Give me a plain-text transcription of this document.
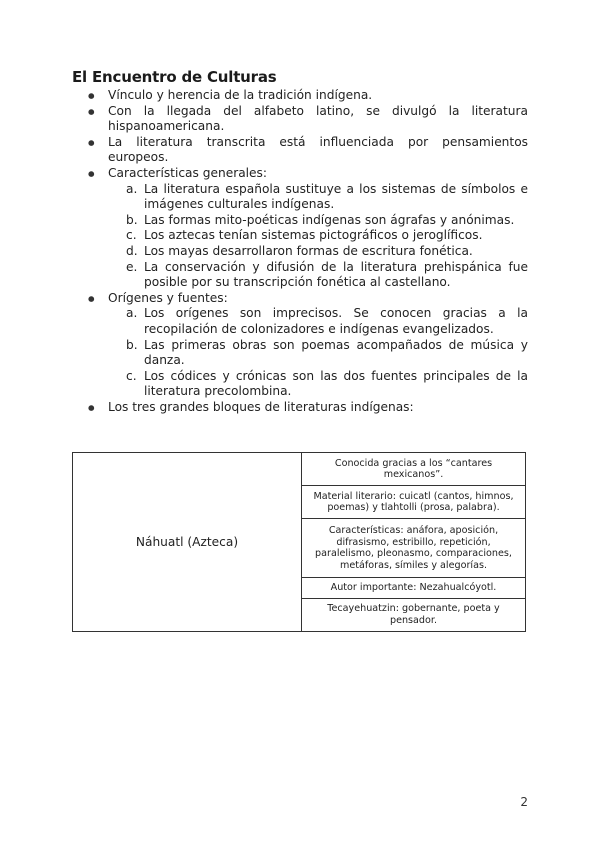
El Encuentro de Culturas
● Vínculo y herencia de la tradición indígena.
● Con la llegada del alfabeto latino, se divulgó la literatura hispanoamericana.
● La literatura transcrita está influenciada por pensamientos europeos.
● Características generales:
a. La literatura española sustituye a los sistemas de símbolos e imágenes culturales indígenas.
b. Las formas mito-poéticas indígenas son ágrafas y anónimas.
c. Los aztecas tenían sistemas pictográficos o jeroglíficos.
d. Los mayas desarrollaron formas de escritura fonética.
e. La conservación y difusión de la literatura prehispánica fue posible por su transcripción fonética al castellano.
● Orígenes y fuentes:
a. Los orígenes son imprecisos. Se conocen gracias a la recopilación de colonizadores e indígenas evangelizados.
b. Las primeras obras son poemas acompañados de música y danza.
c. Los códices y crónicas son las dos fuentes principales de la literatura precolombina.
● Los tres grandes bloques de literaturas indígenas:
Náhuatl (Azteca)	Conocida gracias a los “cantares mexicanos”.
Material literario: cuicatl (cantos, himnos, poemas) y tlahtolli (prosa, palabra).
Características: anáfora, aposición, difrasismo, estribillo, repetición, paralelismo, pleonasmo, comparaciones, metáforas, símiles y alegorías.
Autor importante: Nezahualcóyotl.
Tecayehuatzin: gobernante, poeta y pensador.
2
